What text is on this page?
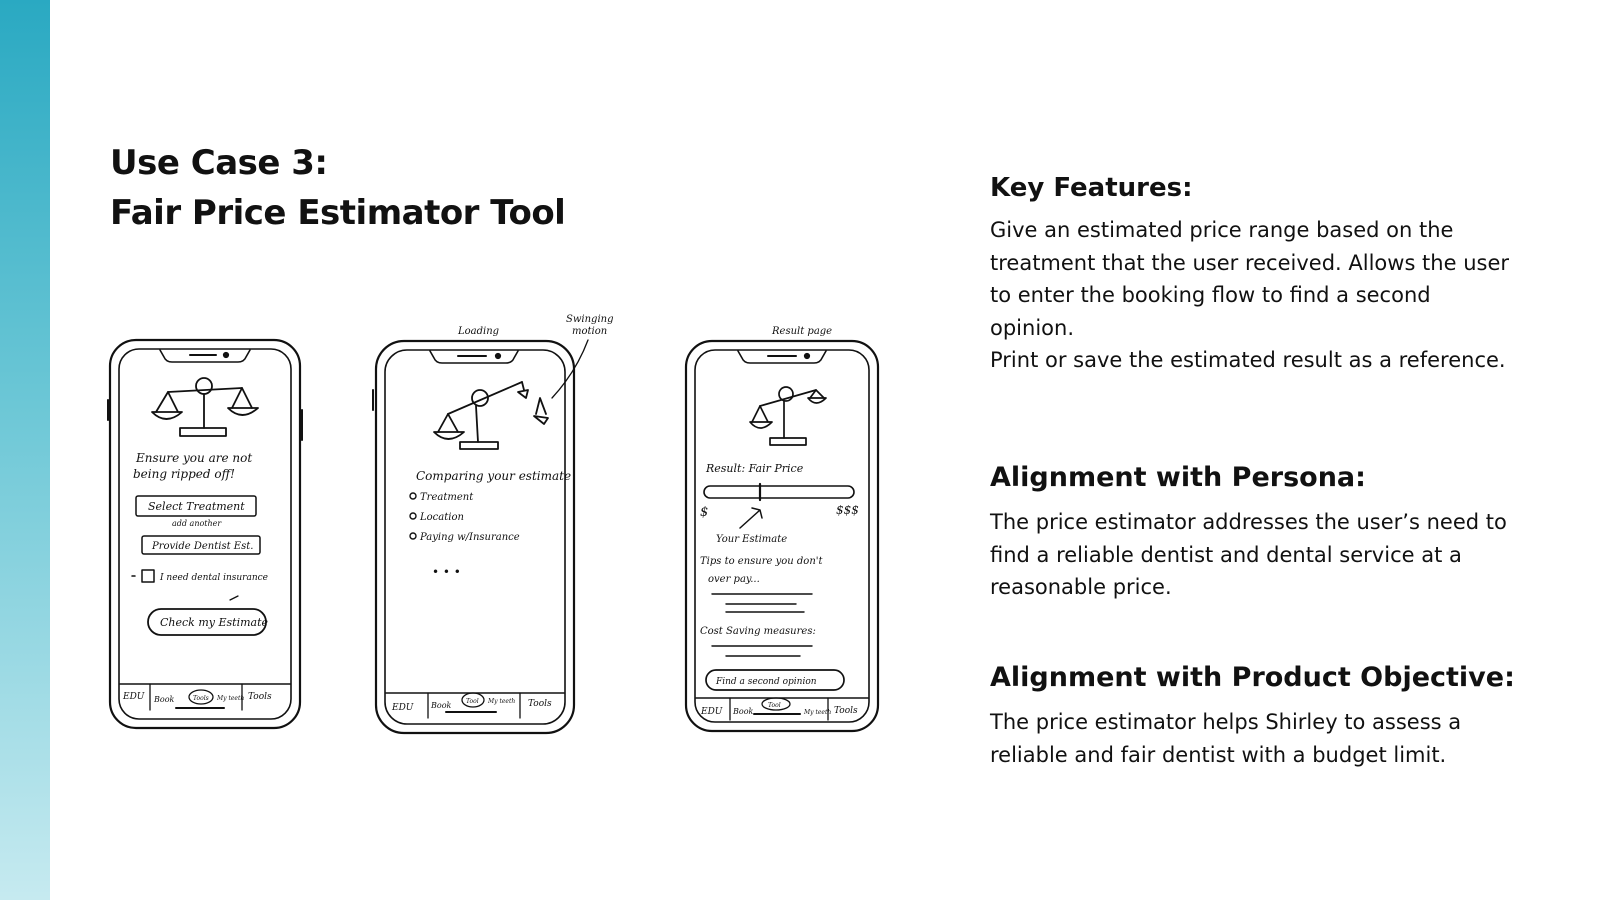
Use Case 3:
Fair Price Estimator Tool
Ensure you are not
being ripped off!
Select Treatment
add another
Provide Dentist Est.
I need dental insurance
Check my Estimate
EDU Book	Tools My teeth Tools
Loading
Swinging
motion
Comparing your estimate
Treatment
Location
Paying w/Insurance
• • •
EDU Book Tool My teeth Tools
Result page
Result: Fair Price
$	$$$
Your Estimate
Tips to ensure you don't
over pay...
Cost Saving measures:
Find a second opinion
EDU Book
Tool
My teeth Tools
Key Features:

Give an estimated price range based on the treatment that the user received. Allows the user to enter the booking flow to find a second opinion.

Print or save the estimated result as a reference.

Alignment with Persona:

The price estimator addresses the user’s need to find a reliable dentist and dental service at a reasonable price.

Alignment with Product Objective:

The price estimator helps Shirley to assess a reliable and fair dentist with a budget limit.
